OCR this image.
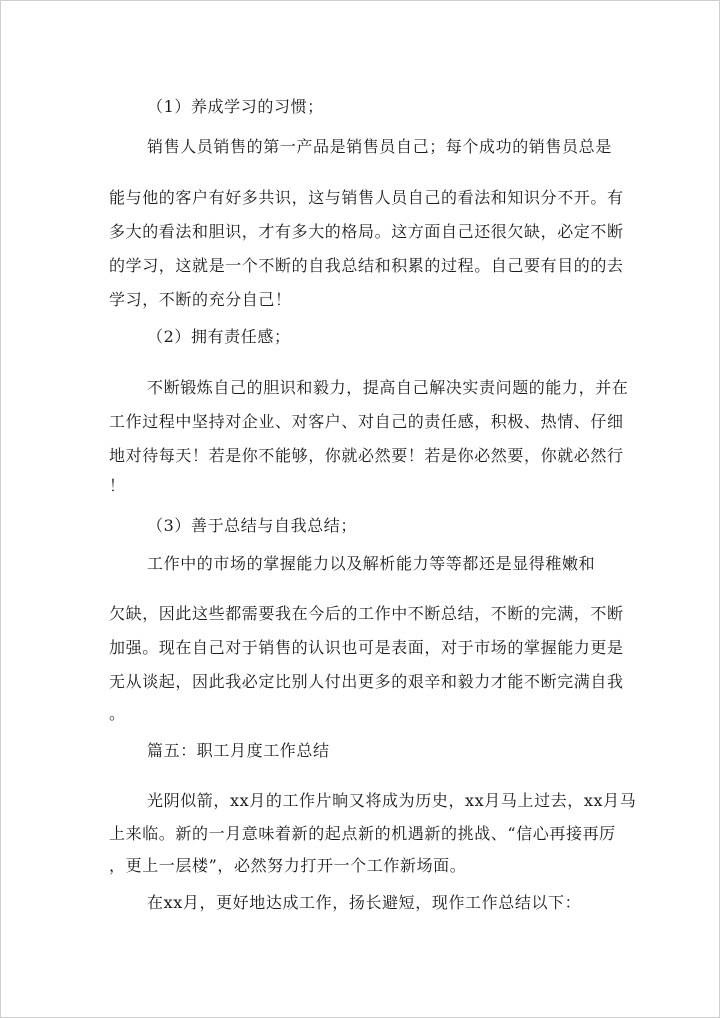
（1）养成学习的习惯；
销售人员销售的第一产品是销售员自己；每个成功的销售员总是
能与他的客户有好多共识，这与销售人员自己的看法和知识分不开。有
多大的看法和胆识，才有多大的格局。这方面自己还很欠缺，必定不断
的学习，这就是一个不断的自我总结和积累的过程。自己要有目的的去
学习，不断的充分自己！
（2）拥有责任感；
不断锻炼自己的胆识和毅力，提高自己解决实责问题的能力，并在
工作过程中坚持对企业、对客户、对自己的责任感，积极、热情、仔细
地对待每天！若是你不能够，你就必然要！若是你必然要，你就必然行
！
（3）善于总结与自我总结；
工作中的市场的掌握能力以及解析能力等等都还是显得稚嫩和
欠缺，因此这些都需要我在今后的工作中不断总结，不断的完满，不断
加强。现在自己对于销售的认识也可是表面，对于市场的掌握能力更是
无从谈起，因此我必定比别人付出更多的艰辛和毅力才能不断完满自我
。
篇五：职工月度工作总结
光阴似箭，xx月的工作片晌又将成为历史，xx月马上过去，xx月马
上来临。新的一月意味着新的起点新的机遇新的挑战、“信心再接再厉
，更上一层楼”，必然努力打开一个工作新场面。
在xx月，更好地达成工作，扬长避短，现作工作总结以下：
